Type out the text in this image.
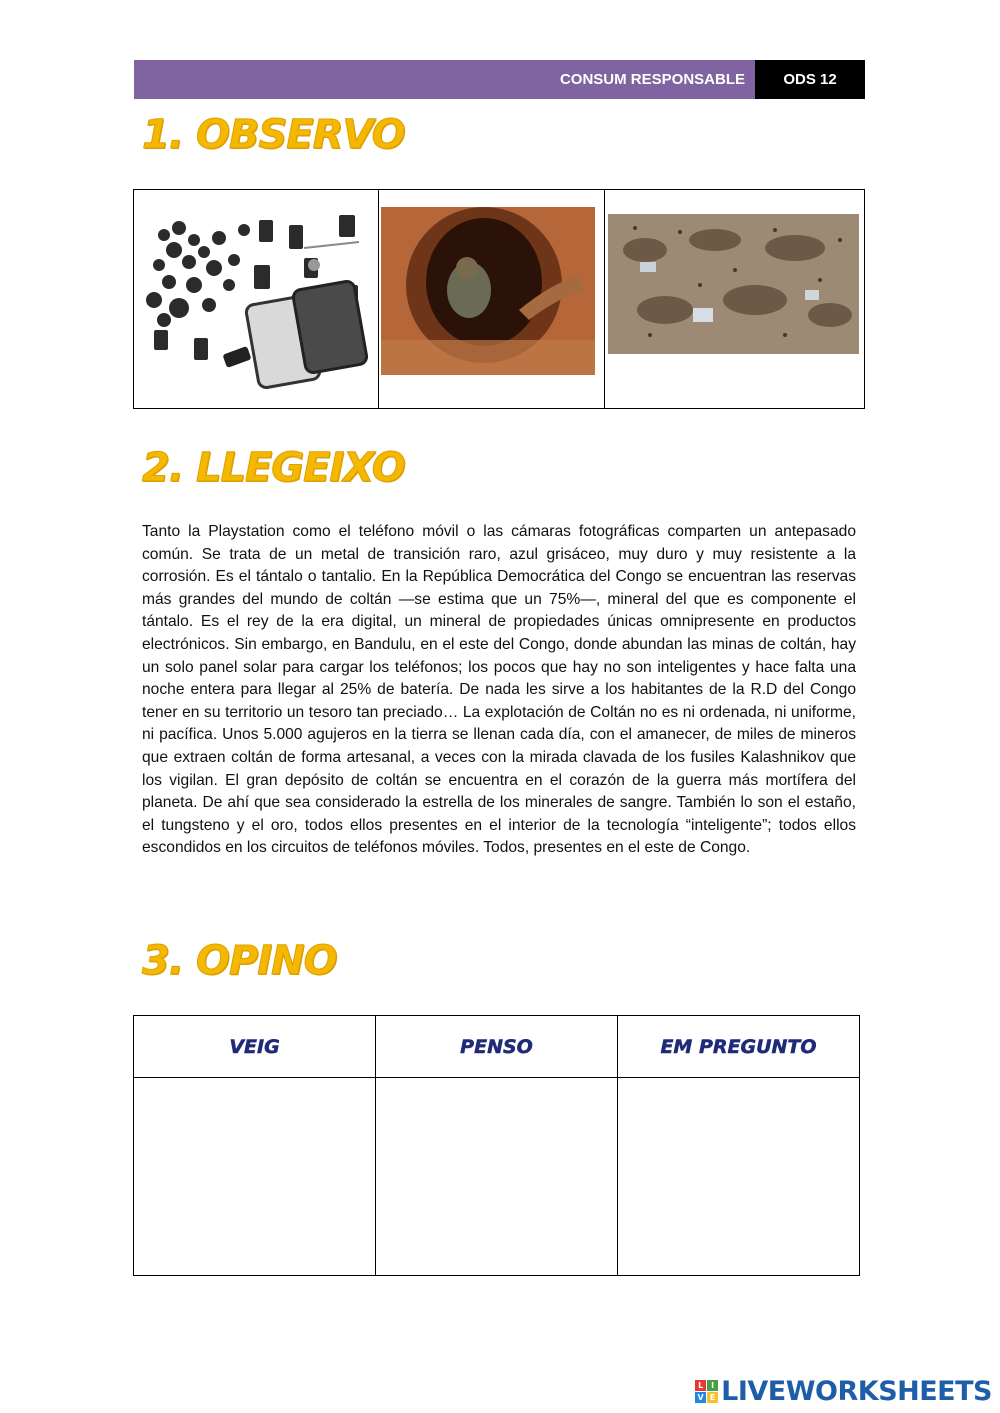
CONSUM RESPONSABLE	ODS 12
1. OBSERVO
2. LLEGEIXO
Tanto la Playstation como el teléfono móvil o las cámaras fotográficas comparten un antepasado común. Se trata de un metal de transición raro, azul grisáceo, muy duro y muy resistente a la corrosión. Es el tántalo o tantalio. En la República Democrática del Congo se encuentran las reservas más grandes del mundo de coltán —se estima que un 75%—, mineral del que es componente el tántalo. Es el rey de la era digital, un mineral de propiedades únicas omnipresente en productos electrónicos. Sin embargo, en Bandulu, en el este del Congo, donde abundan las minas de coltán, hay un solo panel solar para cargar los teléfonos; los pocos que hay no son inteligentes y hace falta una noche entera para llegar al 25% de batería. De nada les sirve a los habitantes de la R.D del Congo tener en su territorio un tesoro tan preciado… La explotación de Coltán no es ni ordenada, ni uniforme, ni pacífica. Unos 5.000 agujeros en la tierra se llenan cada día, con el amanecer, de miles de mineros que extraen coltán de forma artesanal, a veces con la mirada clavada de los fusiles Kalashnikov que los vigilan. El gran depósito de coltán se encuentra en el corazón de la guerra más mortífera del planeta. De ahí que sea considerado la estrella de los minerales de sangre. También lo son el estaño, el tungsteno y el oro, todos ellos presentes en el interior de la tecnología “inteligente”; todos ellos escondidos en los circuitos de teléfonos móviles. Todos, presentes en el este de Congo.
3. OPINO
VEIG	PENSO	EM PREGUNTO
L I
V E LIVEWORKSHEETS
